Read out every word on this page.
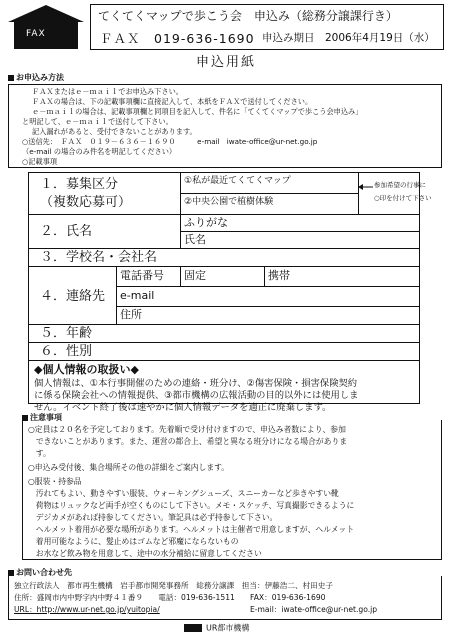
FAX
てくてくマップで歩こう会　申込み（総務分譲課行き）
ＦＡＸ　019-636-1690 申込み期日　2006年4月19日（水）
申込用紙
お申込み方法
ＦＡＸまたはｅ－ｍａｉｌでお申込み下さい。
ＦＡＸの場合は、下の記載事項欄に直接記入して、本紙をＦＡＸで送付してください。
ｅ－ｍａｉｌの場合は、記載事項欄と同項目を記入して、件名に「てくてくマップで歩こう会申込み」
と明記して、ｅ－ｍａｉｌで送付して下さい。
記入漏れがあると、受付できないことがあります。
○送信先：　ＦＡＸ　０１９－６３６－１６９０　　　e-mail　iwate-office@ur-net.go.jp
（e-mail の場合のみ件名を明記してください）
○記載事項
１．募集区分
（複数応募可）
①私が最近てくてくマップ
②中央公園で植樹体験
参加希望の行事に
○印を付けて下さい
２．氏名
ふりがな
氏名
３．学校名・会社名
４．連絡先
電話番号 固定	携帯
e-mail
住所
５．年齢
６．性別
◆個人情報の取扱い◆
個人情報は、①本行事開催のための連絡・班分け、②傷害保険・損害保険契約
に係る保険会社への情報提供、③都市機構の広報活動の目的以外には使用しま
せん。イベント終了後は速やかに個人情報データを適正に廃棄します。
注意事項
○定員は２０名を予定しております。先着順で受け付けますので、申込み者数により、参加
　できないことがあります。また、運営の都合上、希望と異なる班分けになる場合がありま
　す。
○申込み受付後、集合場所その他の詳細をご案内します。
○服装・持参品
　汚れてもよい、動きやすい服装、ウォーキングシューズ、スニーカーなど歩きやすい靴
　荷物はリュックなど両手が空くものにして下さい。メモ・スケッチ、写真撮影できるように
　デジカメがあれば持参してください。筆記具は必ず持参して下さい。
　ヘルメット着用が必要な場所があります。ヘルメットは主催者で用意しますが、ヘルメット
　着用可能なように、髪止めはゴムなど邪魔にならないもの
　お水など飲み物を用意して、途中の水分補給に留意してください
お問い合わせ先
独立行政法人　都市再生機構　岩手都市開発事務所　総務分譲課　担当：伊藤浩二、村田史子
住所：盛岡市内中野字内中野４１番９　　電話：019-636-1511　　FAX：019-636-1690
URL：http://www.ur-net.go.jp/yuitopia/	E-mail：iwate-office@ur-net.go.jp
UR都市機構
